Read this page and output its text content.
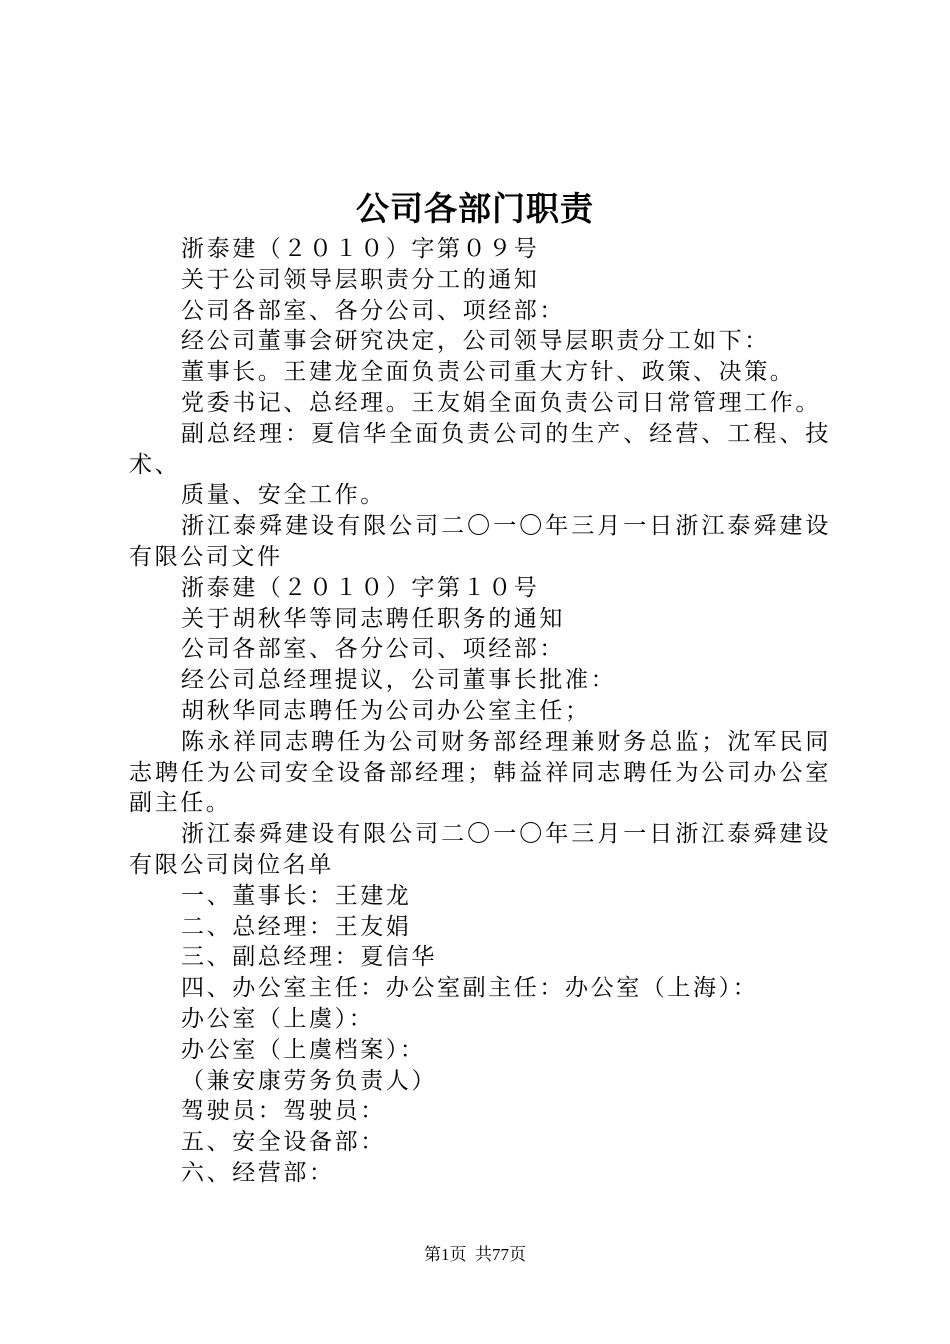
公司各部门职责

浙泰建（２０１０）字第０９号

关于公司领导层职责分工的通知

公司各部室、各分公司、项经部：

经公司董事会研究决定，公司领导层职责分工如下：

董事长。王建龙全面负责公司重大方针、政策、决策。

党委书记、总经理。王友娟全面负责公司日常管理工作。

副总经理：夏信华全面负责公司的生产、经营、工程、技术、

质量、安全工作。

浙江泰舜建设有限公司二〇一〇年三月一日浙江泰舜建设有限公司文件

浙泰建（２０１０）字第１０号

关于胡秋华等同志聘任职务的通知

公司各部室、各分公司、项经部：

经公司总经理提议，公司董事长批准：

胡秋华同志聘任为公司办公室主任；

陈永祥同志聘任为公司财务部经理兼财务总监；沈军民同志聘任为公司安全设备部经理；韩益祥同志聘任为公司办公室副主任。

浙江泰舜建设有限公司二〇一〇年三月一日浙江泰舜建设有限公司岗位名单

一、董事长：王建龙

二、总经理：王友娟

三、副总经理：夏信华

四、办公室主任：办公室副主任：办公室（上海）：

办公室（上虞）：

办公室（上虞档案）：

（兼安康劳务负责人）

驾驶员：驾驶员：

五、安全设备部：

六、经营部：

第1页 共77页
